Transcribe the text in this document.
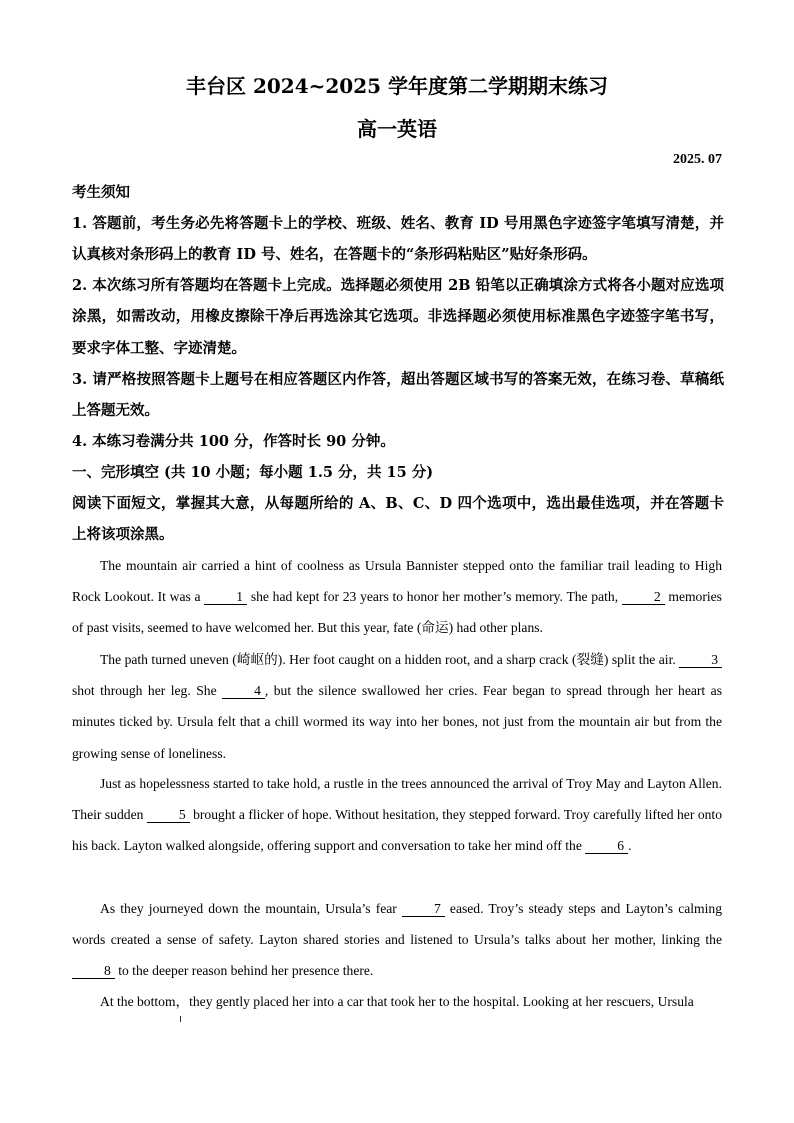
丰台区 2024~2025 学年度第二学期期末练习
高一英语
2025. 07

考生须知

1. 答题前，考生务必先将答题卡上的学校、班级、姓名、教育 ID 号用黑色字迹签字笔填写清楚，并认真核对条形码上的教育 ID 号、姓名，在答题卡的“条形码粘贴区”贴好条形码。

2. 本次练习所有答题均在答题卡上完成。选择题必须使用 2B 铅笔以正确填涂方式将各小题对应选项涂黑，如需改动，用橡皮擦除干净后再选涂其它选项。非选择题必须使用标准黑色字迹签字笔书写，要求字体工整、字迹清楚。

3. 请严格按照答题卡上题号在相应答题区内作答，超出答题区域书写的答案无效，在练习卷、草稿纸上答题无效。

4. 本练习卷满分共 100 分，作答时长 90 分钟。

一、完形填空 (共 10 小题；每小题 1.5 分，共 15 分)

阅读下面短文，掌握其大意，从每题所给的 A、B、C、D 四个选项中，选出最佳选项，并在答题卡上将该项涂黑。

The mountain air carried a hint of coolness as Ursula Bannister stepped onto the familiar trail leading to High Rock Lookout. It was a 1 she had kept for 23 years to honor her mother’s memory. The path, 2 memories of past visits, seemed to have welcomed her. But this year, fate (命运) had other plans.

The path turned uneven (崎岖的). Her foot caught on a hidden root, and a sharp crack (裂缝) split the air. 3 shot through her leg. She 4 , but the silence swallowed her cries. Fear began to spread through her heart as minutes ticked by. Ursula felt that a chill wormed its way into her bones, not just from the mountain air but from the growing sense of loneliness.

Just as hopelessness started to take hold, a rustle in the trees announced the arrival of Troy May and Layton Allen. Their sudden 5 brought a flicker of hope. Without hesitation, they stepped forward. Troy carefully lifted her onto his back. Layton walked alongside, offering support and conversation to take her mind off the 6 .

As they journeyed down the mountain, Ursula’s fear 7 eased. Troy’s steady steps and Layton’s calming words created a sense of safety. Layton shared stories and listened to Ursula’s talks about her mother, linking the 8 to the deeper reason behind her presence there.

At the bottom，they gently placed her into a car that took her to the hospital. Looking at her rescuers, Ursula
